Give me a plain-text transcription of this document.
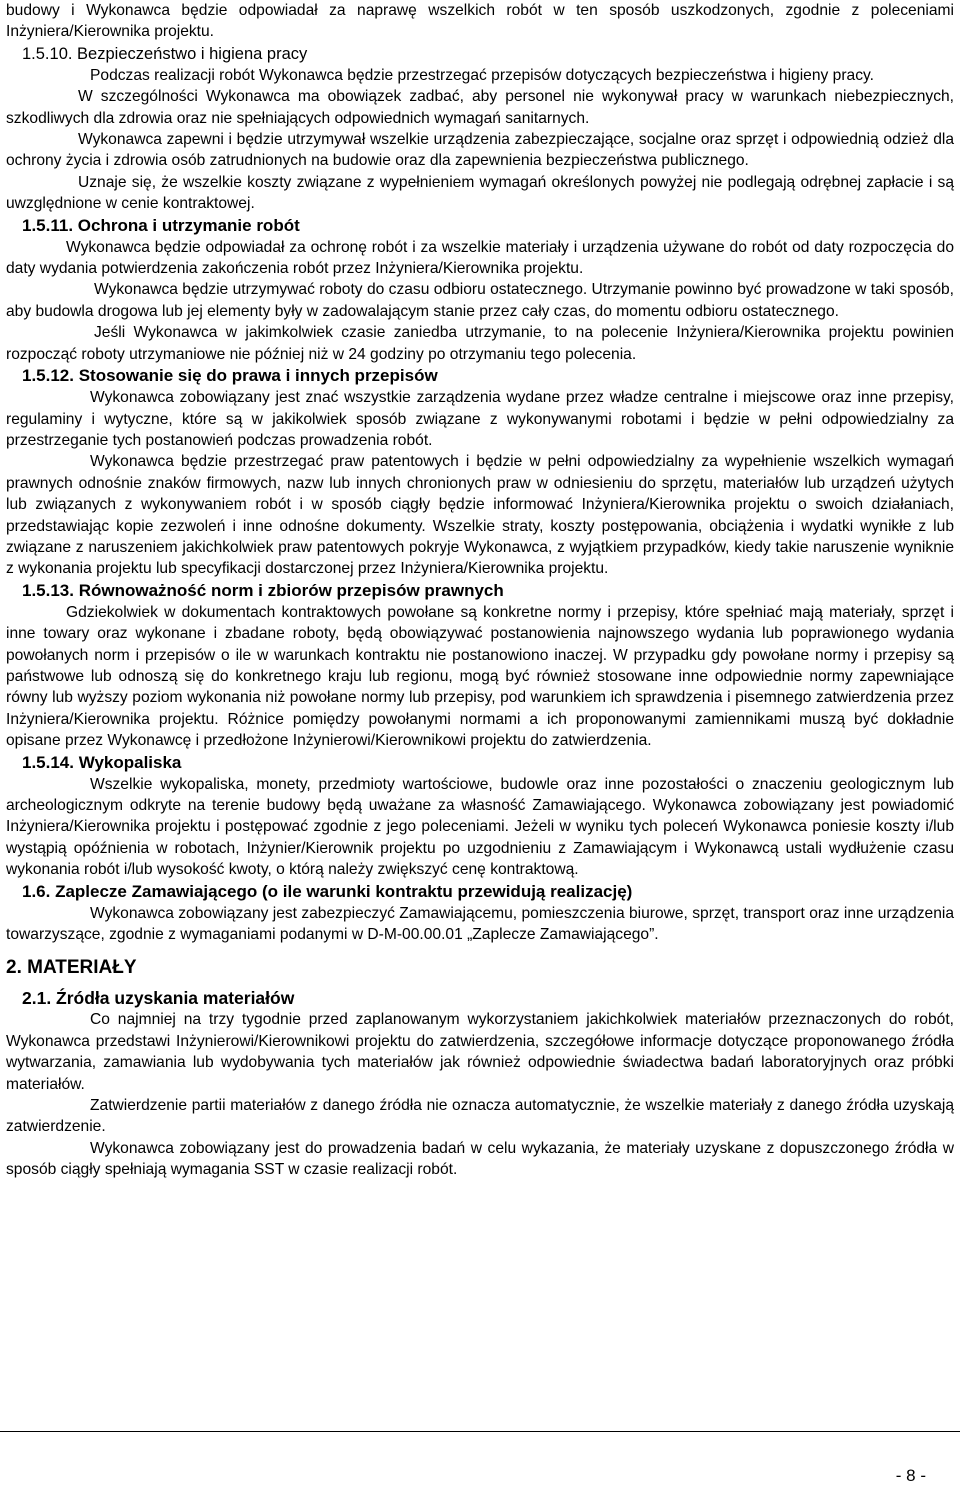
budowy i Wykonawca będzie odpowiadał za naprawę wszelkich robót w ten sposób uszkodzonych, zgodnie z poleceniami Inżyniera/Kierownika projektu.

1.5.10. Bezpieczeństwo i higiena pracy

Podczas realizacji robót Wykonawca będzie przestrzegać przepisów dotyczących bezpieczeństwa i higieny pracy.

W szczególności Wykonawca ma obowiązek zadbać, aby personel nie wykonywał pracy w warunkach niebezpiecznych, szkodliwych dla zdrowia oraz nie spełniających odpowiednich wymagań sanitarnych.

Wykonawca zapewni i będzie utrzymywał wszelkie urządzenia zabezpieczające, socjalne oraz sprzęt i odpowiednią odzież dla ochrony życia i zdrowia osób zatrudnionych na budowie oraz dla zapewnienia bezpieczeństwa publicznego.

Uznaje się, że wszelkie koszty związane z wypełnieniem wymagań określonych powyżej nie podlegają odrębnej zapłacie i są uwzględnione w cenie kontraktowej.

1.5.11. Ochrona i utrzymanie robót

Wykonawca będzie odpowiadał za ochronę robót i za wszelkie materiały i urządzenia używane do robót od daty rozpoczęcia do daty wydania potwierdzenia zakończenia robót przez Inżyniera/Kierownika projektu.

Wykonawca będzie utrzymywać roboty do czasu odbioru ostatecznego. Utrzymanie powinno być prowadzone w taki sposób, aby budowla drogowa lub jej elementy były w zadowalającym stanie przez cały czas, do momentu odbioru ostatecznego.

Jeśli Wykonawca w jakimkolwiek czasie zaniedba utrzymanie, to na polecenie Inżyniera/Kierownika projektu powinien rozpocząć roboty utrzymaniowe nie później niż w 24 godziny po otrzymaniu tego polecenia.

1.5.12. Stosowanie się do prawa i innych przepisów

Wykonawca zobowiązany jest znać wszystkie zarządzenia wydane przez władze centralne i miejscowe oraz inne przepisy, regulaminy i wytyczne, które są w jakikolwiek sposób związane z wykonywanymi robotami i będzie w pełni odpowiedzialny za przestrzeganie tych postanowień podczas prowadzenia robót.

Wykonawca będzie przestrzegać praw patentowych i będzie w pełni odpowiedzialny za wypełnienie wszelkich wymagań prawnych odnośnie znaków firmowych, nazw lub innych chronionych praw w odniesieniu do sprzętu, materiałów lub urządzeń użytych lub związanych z wykonywaniem robót i w sposób ciągły będzie informować Inżyniera/Kierownika projektu o swoich działaniach, przedstawiając kopie zezwoleń i inne odnośne dokumenty. Wszelkie straty, koszty postępowania, obciążenia i wydatki wynikłe z lub związane z naruszeniem jakichkolwiek praw patentowych pokryje Wykonawca, z wyjątkiem przypadków, kiedy takie naruszenie wyniknie z wykonania projektu lub specyfikacji dostarczonej przez Inżyniera/Kierownika projektu.

1.5.13. Równoważność norm i zbiorów przepisów prawnych

Gdziekolwiek w dokumentach kontraktowych powołane są konkretne normy i przepisy, które spełniać mają materiały, sprzęt i inne towary oraz wykonane i zbadane roboty, będą obowiązywać postanowienia najnowszego wydania lub poprawionego wydania powołanych norm i przepisów o ile w warunkach kontraktu nie postanowiono inaczej. W przypadku gdy powołane normy i przepisy są państwowe lub odnoszą się do konkretnego kraju lub regionu, mogą być również stosowane inne odpowiednie normy zapewniające równy lub wyższy poziom wykonania niż powołane normy lub przepisy, pod warunkiem ich sprawdzenia i pisemnego zatwierdzenia przez Inżyniera/Kierownika projektu. Różnice pomiędzy powołanymi normami a ich proponowanymi zamiennikami muszą być dokładnie opisane przez Wykonawcę i przedłożone Inżynierowi/Kierownikowi projektu do zatwierdzenia.

1.5.14. Wykopaliska

Wszelkie wykopaliska, monety, przedmioty wartościowe, budowle oraz inne pozostałości o znaczeniu geologicznym lub archeologicznym odkryte na terenie budowy będą uważane za własność Zamawiającego. Wykonawca zobowiązany jest powiadomić Inżyniera/Kierownika projektu i postępować zgodnie z jego poleceniami. Jeżeli w wyniku tych poleceń Wykonawca poniesie koszty i/lub wystąpią opóźnienia w robotach, Inżynier/Kierownik projektu po uzgodnieniu z Zamawiającym i Wykonawcą ustali wydłużenie czasu wykonania robót i/lub wysokość kwoty, o którą należy zwiększyć cenę kontraktową.

1.6. Zaplecze Zamawiającego (o ile warunki kontraktu przewidują realizację)

Wykonawca zobowiązany jest zabezpieczyć Zamawiającemu, pomieszczenia biurowe, sprzęt, transport oraz inne urządzenia towarzyszące, zgodnie z wymaganiami podanymi w D-M-00.00.01 „Zaplecze Zamawiającego”.

2. MATERIAŁY

2.1. Źródła uzyskania materiałów

Co najmniej na trzy tygodnie przed zaplanowanym wykorzystaniem jakichkolwiek materiałów przeznaczonych do robót, Wykonawca przedstawi Inżynierowi/Kierownikowi projektu do zatwierdzenia, szczegółowe informacje dotyczące proponowanego źródła wytwarzania, zamawiania lub wydobywania tych materiałów jak również odpowiednie świadectwa badań laboratoryjnych oraz próbki materiałów.

Zatwierdzenie partii materiałów z danego źródła nie oznacza automatycznie, że wszelkie materiały z danego źródła uzyskają zatwierdzenie.

Wykonawca zobowiązany jest do prowadzenia badań w celu wykazania, że materiały uzyskane z dopuszczonego źródła w sposób ciągły spełniają wymagania SST w czasie realizacji robót.

- 8 -
